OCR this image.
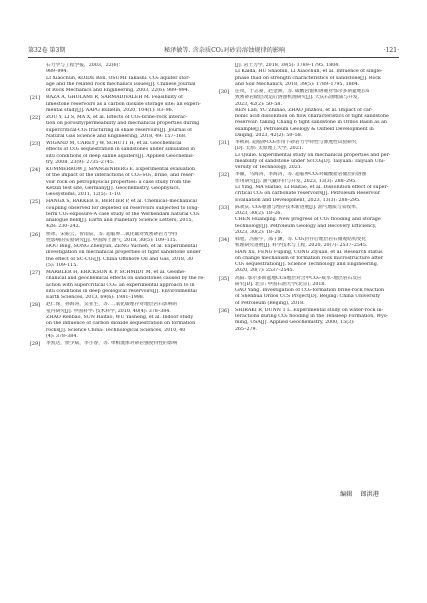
第32卷 第3期	秘泽敏等. 含杂质CO₂对砂岩溶蚀规律的影响	·121·
石力学与工程学报，2003，22(6)：
989–994.
LI Xiaochun, KOIDE Ron, OSUMI Takashi. CO₂ aquifer stor-
age and the related rock mechanics issues[J]. Chinese Journal
of Rock Mechanics and Engineering, 2003, 22(6): 989–994.
[21]	RAZA A, GHOLAMI R, SARMADIVALEH M. Feasibility of
limestone reservoirs as a carbon dioxide storage site: an experi-
mental study[J]. AAPG Bulletin, 2020, 104(1): 83–96.
[22]	ZOU Y, LI S, MA X, et al. Effects of CO₂-brine-rock interac-
tion on porosity/permeability and mechanical properties during
supercritical-CO₂ fracturing in shale reservoirs[J]. Journal of
Natural Gas Science and Engineering, 2018, 49: 157–168.
[23]	WIGAND M, CAREY J W, SCHÜTT H, et al. Geochemical
effects of CO₂ sequestration in sandstones under simulated in
situ conditions of deep saline aquifers[J]. Applied Geochemis-
try, 2008, 23(9): 2735–2745.
[24]	KUMMERROW J, SPANGENBERG E. Experimental evaluation
of the impact of the interactions of CO₂-SO₂, brine, and reser-
voir rock on petrophysical properties: a case study from the
Ketzin test site, Germany[J]. Geochemistry, Geophysics,
Geosystems, 2011, 12(5): 1–10.
[25]	HANGX S, BAKKER E, BERTIER P, et al. Chemical–mechanical
coupling observed for depleted oil reservoirs subjected to long-
term CO₂-exposure-A case study of the Werkendam natural CO₂
analogue field[J]. Earth and Planetary Science Letters, 2015,
428: 230–242.
[26]	侯冰，宋振云，曾雨辰，等. 超临界二氧化碳对致密砂岩力学特
性影响的实验研究[J]. 中国海上油气, 2018, 30(5): 109–115.
HOU Bing, SONG Zhenyun, ZENG Yuchen, et al. Experimental
investigation on mechanical properties of tight sandstone under
the effect of SC-CO₂[J]. China Offshore Oil and Gas, 2018, 30
(5): 109–115.
[27]	MARBLER H, ERICKSON K P, SCHMIDT M, et al. Geome-
chanical and geochemical effects on sandstones caused by the re-
action with supercritical CO₂: an experimental approach to in
situ conditions in deep geological reservoirs[J]. Environmental
Earth Sciences, 2013, 69(6): 1981–1998.
[28]	赵仁保，孙海涛，吴亚生，等. 二氧化碳埋存对地层岩石影响的
室内研究[J]. 中国科学: 技术科学, 2010, 40(4): 378–384.
ZHAO Renbao, SUN Haitao, WU Yasheng, et al. Indoor study
on the influence of carbon dioxide sequestration on formation
rocks[J]. Science China: Technological Sciences, 2010, 40
(4): 378–384.
[29]	李凯达，侯少斌，李小春，等. 单相流体对砂岩强度特性的影响
[J]. 岩土力学, 2018, 39(5): 1789–1795, 1804.
LI Kaida, HU Shaobin, LI Xiaochun, et al. Influence of single-
phase fluid on strength characteristics of sandstone[J]. Rock
and Soil Mechanics, 2018, 39(5): 1789–1795, 1804.
[30]	任岚，于志豪，赵金洲，等. 碳酸岩饱和溶液对鄂尔多斯盆地长6
致密砂岩储层改造后溶蚀机理研究[J]. 大庆石油地质与开发,
2023, 42(2): 50–58.
REN Lan, YU Zhihao, ZHAO Jinzhou, et al. Impact of car-
bonic acid dissolution on flow characteristics of tight sandstone
reservoir: taking Chang 6 tight sandstone in Ordos Basin as an
example[J]. Petroleum Geology & Oilfield Development in
Daqing, 2023, 42(2): 50–58.
[31]	李秋莉. 超临界CO₂作用下砂岩力学特性与渗透性试验研究
[D]. 太原: 太原理工大学, 2021.
LI Qiulie. Experimental study on mechanical properties and per-
meability of sandstone under ScCO₂[D]. Taiyuan: Taiyuan Uni-
versity of Technology, 2021.
[32]	李颖，马海涛，李海涛，等. 超临界CO₂对碳酸盐岩储层的溶蚀
作用研究[J]. 油气藏评价与开发, 2023, 13(3): 288–295.
LI Ying, MA Haitao, LI Haitao, et al. Dissolution effect of super-
critical CO₂ on carbonate reservoirs[J]. Petroleum Reservoir
Evaluation and Development, 2023, 13(3): 288–295.
[33]	陈欢庆. CO₂驱油与埋存技术新进展[J]. 油气地质与采收率,
2023, 30(2): 18–26.
CHEN Huanqing. New progress of CO₂ flooding and storage
technology[J]. Petroleum Geology and Recovery Efficiency,
2023, 30(2): 18–26.
[34]	韩旭，冯振宇，邵子渊，等. CO₂封存后地层岩石微观结构变化
机理研究进展[J]. 科学技术与工程, 2020, 20(7): 2537–2545.
HAN Xu, FENG Fuping, CONG Ziyuan, et al. Research status
on change mechanism of formation rock microstructure after
CO₂ sequestration[J]. Science Technology and Engineering,
2020, 20(7): 2537–2545.
[35]	高阳. 鄂尔多斯盆地CCS地层对含中CO₂-咸水–地层岩石反应
研究[D]. 北京: 中国石油大学(北京), 2018.
GAO Yang. Investigation of CO₂-formation brine-rock reaction
of Shenhua Ordos CCS Project[D]. Beijing: China University
of Petroleum (Beijing), 2018.
[36]	SHIRAKI R, DUNN T L. Experimental study on water-rock in-
teractions during CO₂ flooding in the Tensleep Formation, Wyo-
ming, USA[J]. Applied Geochemistry, 2000, 15(3):
265–279.
编辑 郎洪港
